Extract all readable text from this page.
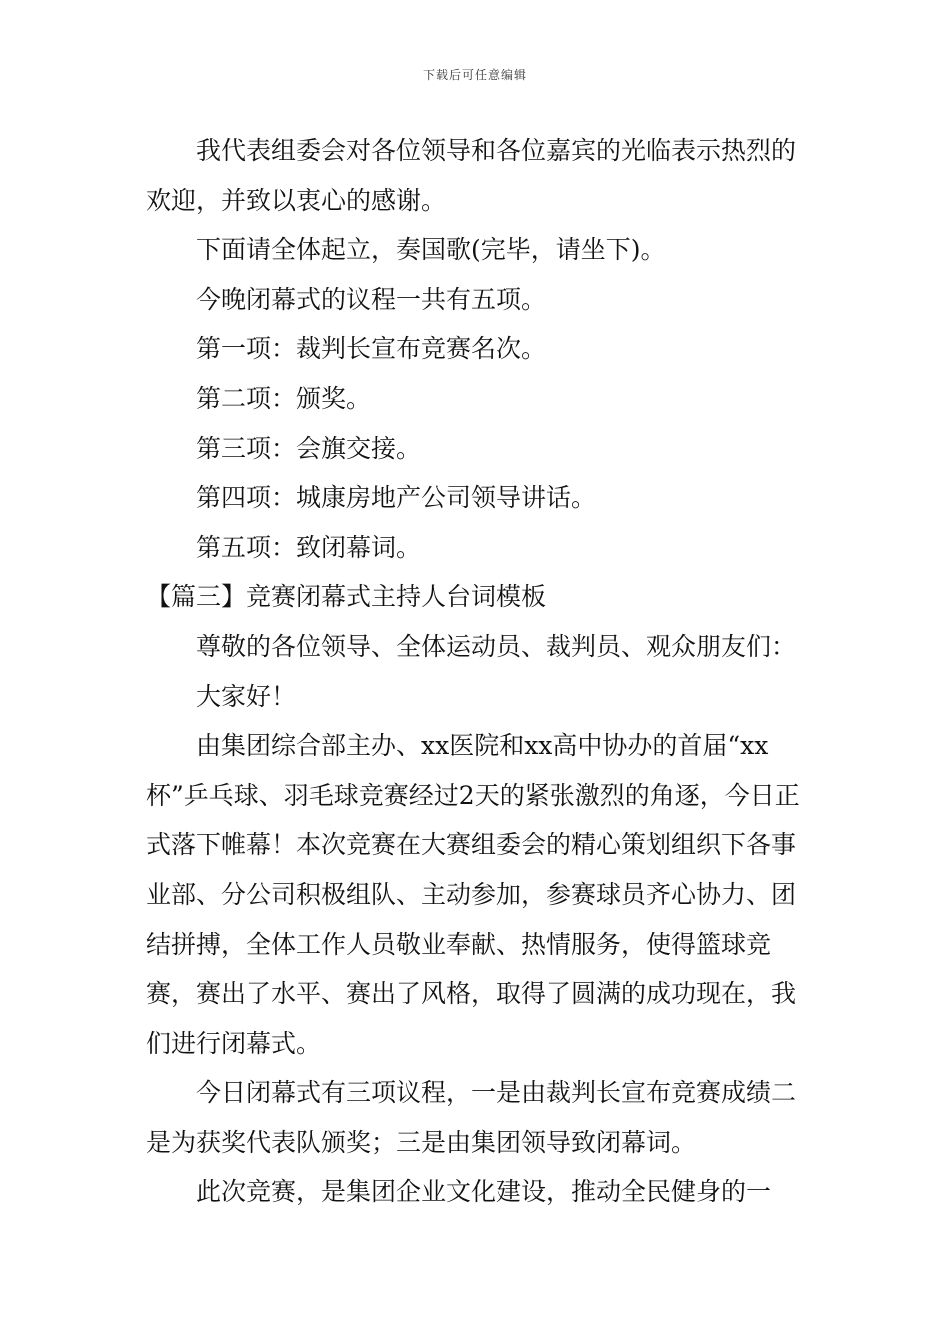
下载后可任意编辑

我代表组委会对各位领导和各位嘉宾的光临表示热烈的欢迎，并致以衷心的感谢。

下面请全体起立，奏国歌(完毕，请坐下)。

今晚闭幕式的议程一共有五项。

第一项：裁判长宣布竞赛名次。

第二项：颁奖。

第三项：会旗交接。

第四项：城康房地产公司领导讲话。

第五项：致闭幕词。

【篇三】竞赛闭幕式主持人台词模板

尊敬的各位领导、全体运动员、裁判员、观众朋友们：

大家好！

由集团综合部主办、xx医院和xx高中协办的首届“xx杯”乒乓球、羽毛球竞赛经过2天的紧张激烈的角逐，今日正式落下帷幕！本次竞赛在大赛组委会的精心策划组织下各事业部、分公司积极组队、主动参加，参赛球员齐心协力、团结拼搏，全体工作人员敬业奉献、热情服务，使得篮球竞赛，赛出了水平、赛出了风格，取得了圆满的成功现在，我们进行闭幕式。

今日闭幕式有三项议程，一是由裁判长宣布竞赛成绩二是为获奖代表队颁奖；三是由集团领导致闭幕词。

此次竞赛，是集团企业文化建设，推动全民健身的一
